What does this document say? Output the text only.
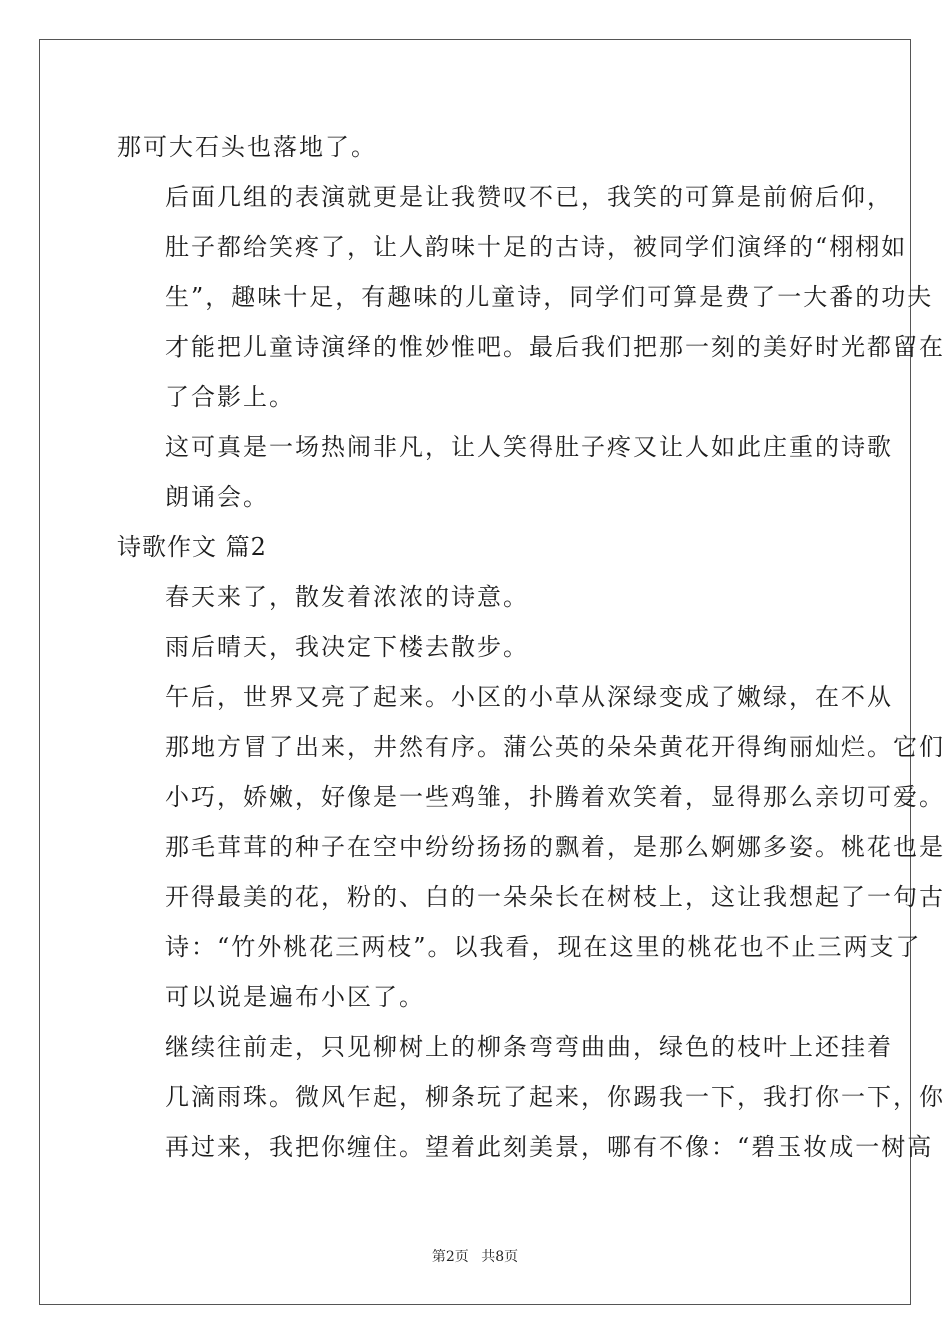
那可大石头也落地了。

后面几组的表演就更是让我赞叹不已，我笑的可算是前俯后仰，
肚子都给笑疼了，让人韵味十足的古诗，被同学们演绎的“栩栩如
生”，趣味十足，有趣味的儿童诗，同学们可算是费了一大番的功夫
才能把儿童诗演绎的惟妙惟吧。最后我们把那一刻的美好时光都留在
了合影上。

这可真是一场热闹非凡，让人笑得肚子疼又让人如此庄重的诗歌
朗诵会。

诗歌作文 篇2

春天来了，散发着浓浓的诗意。

雨后晴天，我决定下楼去散步。

午后，世界又亮了起来。小区的小草从深绿变成了嫩绿，在不从
那地方冒了出来，井然有序。蒲公英的朵朵黄花开得绚丽灿烂。它们
小巧，娇嫩，好像是一些鸡雏，扑腾着欢笑着，显得那么亲切可爱。
那毛茸茸的种子在空中纷纷扬扬的飘着，是那么婀娜多姿。桃花也是
开得最美的花，粉的、白的一朵朵长在树枝上，这让我想起了一句古
诗：“竹外桃花三两枝”。以我看，现在这里的桃花也不止三两支了
可以说是遍布小区了。

继续往前走，只见柳树上的柳条弯弯曲曲，绿色的枝叶上还挂着
几滴雨珠。微风乍起，柳条玩了起来，你踢我一下，我打你一下，你
再过来，我把你缠住。望着此刻美景，哪有不像：“碧玉妆成一树高

第2页 共8页
